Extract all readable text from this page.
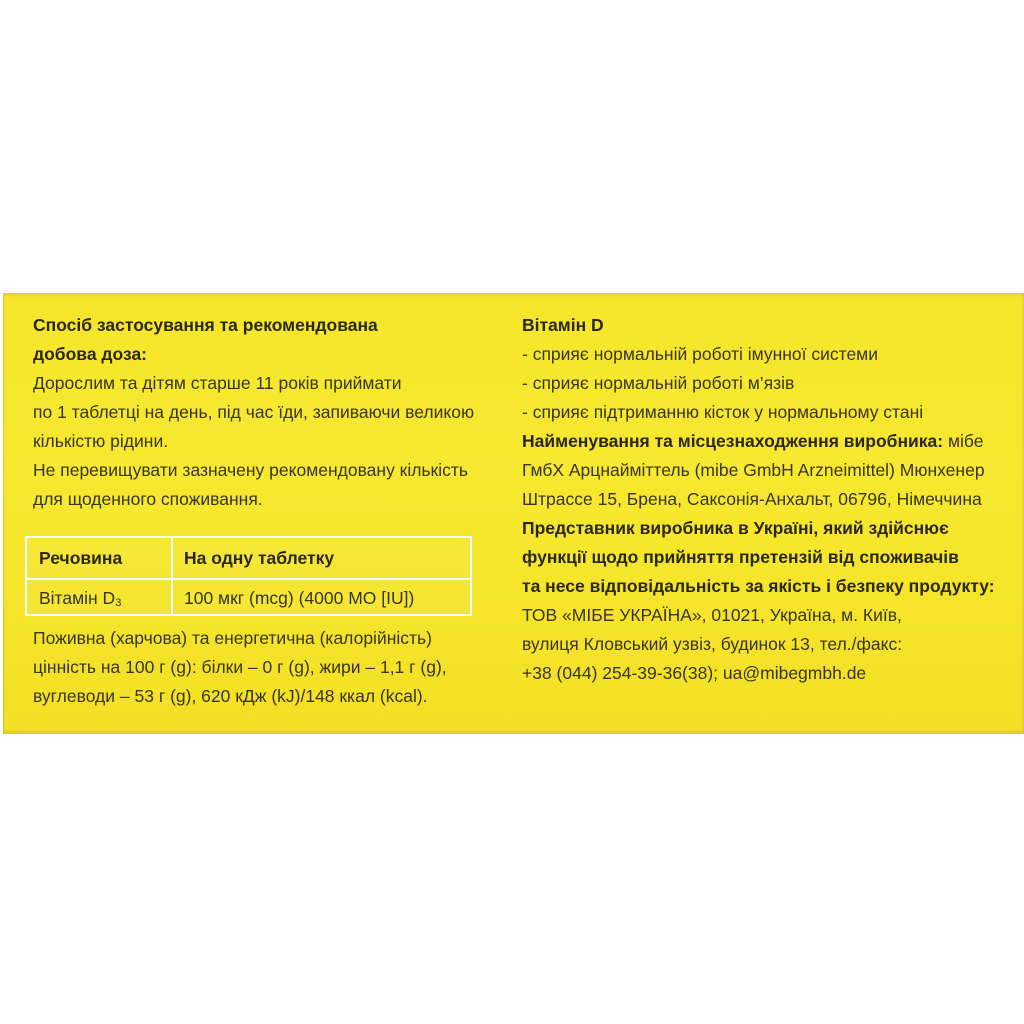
Спосіб застосування та рекомендована
добова доза:
Дорослим та дітям старше 11 років приймати
по 1 таблетці на день, під час їди, запиваючи великою
кількістю рідини.
Не перевищувати зазначену рекомендовану кількість
для щоденного споживання.
Речовина	На одну таблетку
Вітамін $D_3$	100 мкг (mcg) (4000 МО [IU])
Поживна (харчова) та енергетична (калорійність)
цінність на 100 г (g): білки – 0 г (g), жири – 1,1 г (g),
вуглеводи – 53 г (g), 620 кДж (kJ)/148 ккал (kcal).
Вітамін D
- сприяє нормальній роботі імунної системи
- сприяє нормальній роботі м’язів
- сприяє підтриманню кісток у нормальному стані
Найменування та місцезнаходження виробника: мібе
ГмбХ Арцнайміттель (mibe GmbH Arzneimittel) Мюнхенер
Штрассе 15, Брена, Саксонія-Анхальт, 06796, Німеччина
Представник виробника в Україні, який здійснює
функції щодо прийняття претензій від споживачів
та несе відповідальність за якість і безпеку продукту:
ТОВ «МІБЕ УКРАЇНА», 01021, Україна, м. Київ,
вулиця Кловський узвіз, будинок 13, тел./факс:
+38 (044) 254-39-36(38); ua@mibegmbh.de
